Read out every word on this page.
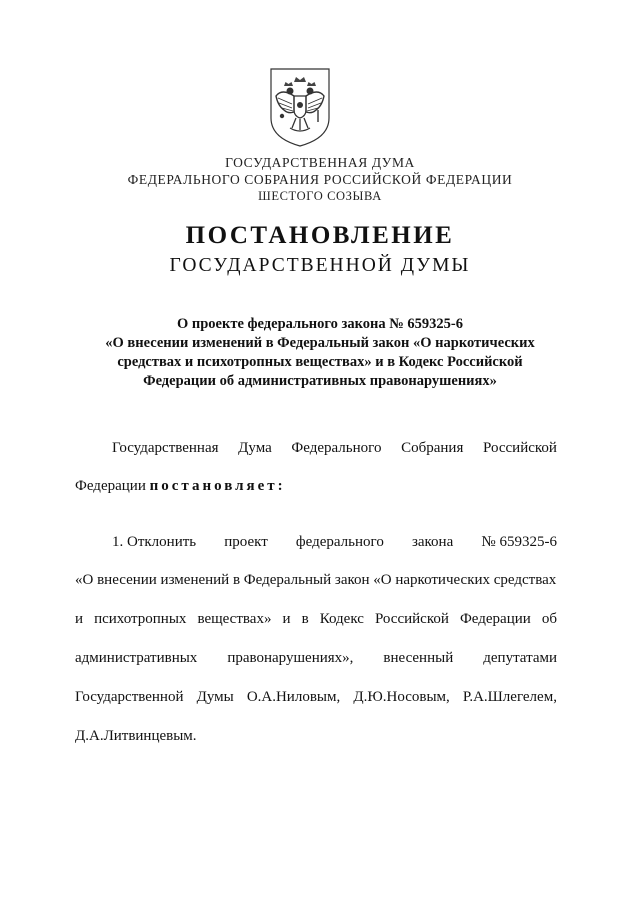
ГОСУДАРСТВЕННАЯ ДУМА
ФЕДЕРАЛЬНОГО СОБРАНИЯ РОССИЙСКОЙ ФЕДЕРАЦИИ
ШЕСТОГО СОЗЫВА
ПОСТАНОВЛЕНИЕ
ГОСУДАРСТВЕННОЙ ДУМЫ
О проекте федерального закона № 659325-6
«О внесении изменений в Федеральный закон «О наркотических
средствах и психотропных веществах» и в Кодекс Российской
Федерации об административных правонарушениях»
Государственная Дума Федерального Собрания Российской
Федерации постановляет:
1. Отклонить проект федерального закона № 659325-6
«О внесении изменений в Федеральный закон «О наркотических средствах
и психотропных веществах» и в Кодекс Российской Федерации об
административных правонарушениях», внесенный депутатами
Государственной Думы О.А.Ниловым, Д.Ю.Носовым, Р.А.Шлегелем,
Д.А.Литвинцевым.
